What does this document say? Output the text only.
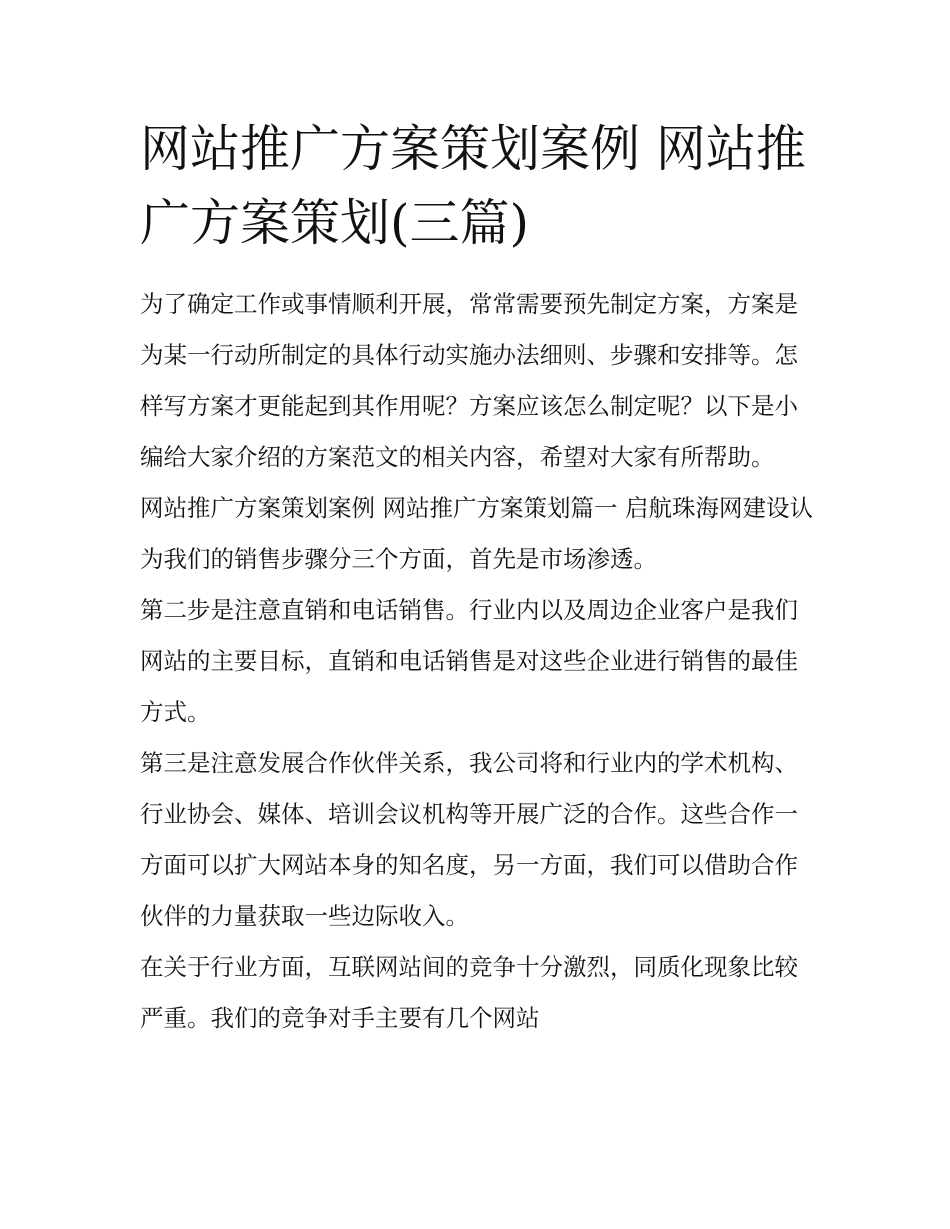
网站推广方案策划案例 网站推广方案策划(三篇)

为了确定工作或事情顺利开展，常常需要预先制定方案，方案是为某一行动所制定的具体行动实施办法细则、步骤和安排等。怎样写方案才更能起到其作用呢？方案应该怎么制定呢？以下是小编给大家介绍的方案范文的相关内容，希望对大家有所帮助。

网站推广方案策划案例 网站推广方案策划篇一 启航珠海网建设认为我们的销售步骤分三个方面，首先是市场渗透。

第二步是注意直销和电话销售。行业内以及周边企业客户是我们网站的主要目标，直销和电话销售是对这些企业进行销售的最佳方式。

第三是注意发展合作伙伴关系，我公司将和行业内的学术机构、行业协会、媒体、培训会议机构等开展广泛的合作。这些合作一方面可以扩大网站本身的知名度，另一方面，我们可以借助合作伙伴的力量获取一些边际收入。

在关于行业方面，互联网站间的竞争十分激烈，同质化现象比较严重。我们的竞争对手主要有几个网站
